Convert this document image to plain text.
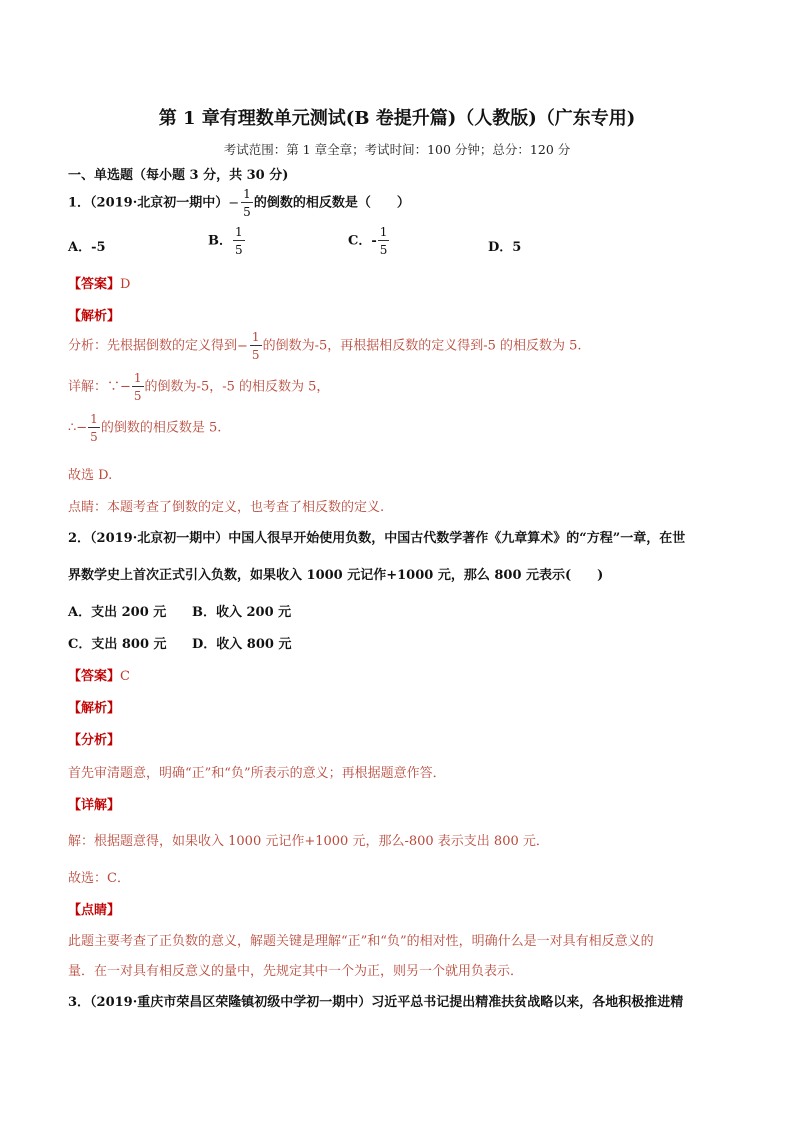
第 1 章有理数单元测试(B 卷提升篇)（人教版)（广东专用)
考试范围：第 1 章全章；考试时间：100 分钟；总分：120 分
一、单选题（每小题 3 分，共 30 分)
1．（2019·北京初一期中）− $\frac{1}{5}$ 的倒数的相反数是（　　）
A．-5	B． $\frac{1}{5}$	C．- $\frac{1}{5}$	D．5
【答案】D
【解析】
分析：先根据倒数的定义得到− $\frac{1}{5}$ 的倒数为-5，再根据相反数的定义得到-5 的相反数为 5.
详解：∵− $\frac{1}{5}$ 的倒数为-5，-5 的相反数为 5，
∴− $\frac{1}{5}$ 的倒数的相反数是 5.
故选 D.
点睛：本题考查了倒数的定义，也考查了相反数的定义.
2．（2019·北京初一期中）中国人很早开始使用负数，中国古代数学著作《九章算术》的“方程”一章，在世
界数学史上首次正式引入负数，如果收入 1000 元记作+1000 元，那么 800 元表示(　　)
A．支出 200 元 B．收入 200 元
C．支出 800 元 D．收入 800 元
【答案】C
【解析】
【分析】
首先审清题意，明确“正”和“负”所表示的意义；再根据题意作答．
【详解】
解：根据题意得，如果收入 1000 元记作+1000 元，那么-800 表示支出 800 元．
故选：C．
【点睛】
此题主要考查了正负数的意义，解题关键是理解“正”和“负”的相对性，明确什么是一对具有相反意义的
量．在一对具有相反意义的量中，先规定其中一个为正，则另一个就用负表示．
3．（2019·重庆市荣昌区荣隆镇初级中学初一期中）习近平总书记提出精准扶贫战略以来，各地积极推进精
